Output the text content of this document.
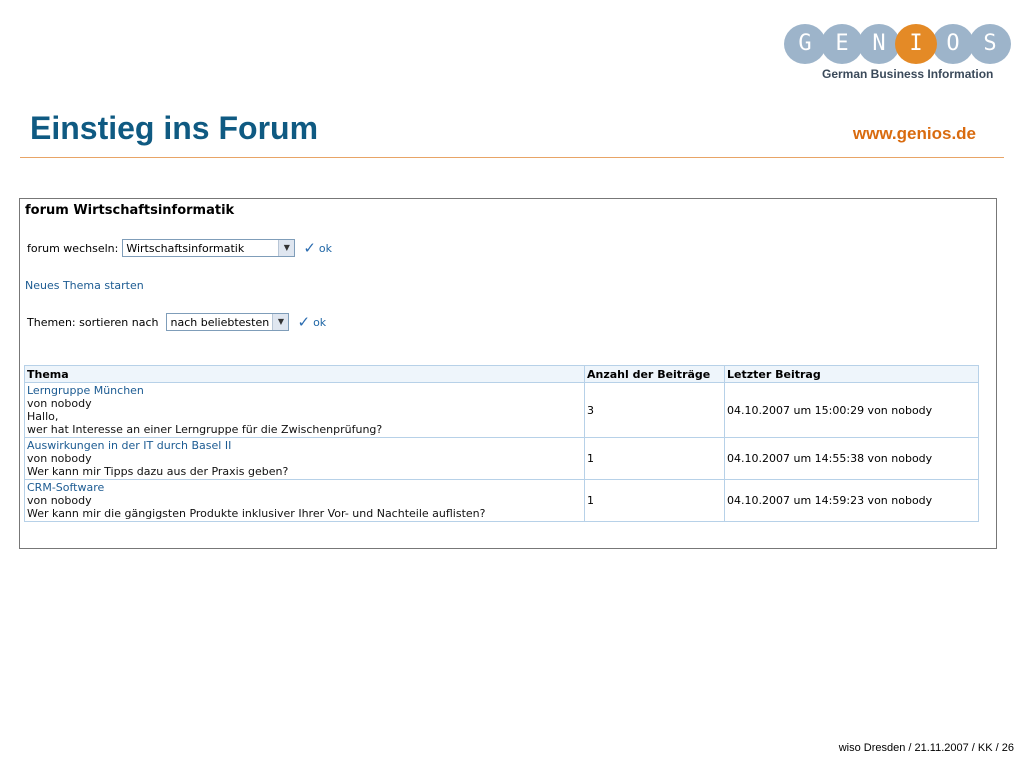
G	E	N	I	O	S
German Business Information
Einstieg ins Forum	www.genios.de
forum Wirtschaftsinformatik
forum wechseln: Wirtschaftsinformatik	▼ ✓ ok
Neues Thema starten
Themen: sortieren nach	nach beliebtesten	▼ ✓ ok
Thema	Anzahl der Beiträge	Letzter Beitrag

Lerngruppe München
von nobody
Hallo,
wer hat Interesse an einer Lerngruppe für die Zwischenprüfung?	3	04.10.2007 um 15:00:29 von nobody

Auswirkungen in der IT durch Basel II
von nobody
Wer kann mir Tipps dazu aus der Praxis geben?	1	04.10.2007 um 14:55:38 von nobody

CRM-Software
von nobody
Wer kann mir die gängigsten Produkte inklusiver Ihrer Vor- und Nachteile auflisten?	1	04.10.2007 um 14:59:23 von nobody
wiso Dresden / 21.11.2007 / KK / 26
